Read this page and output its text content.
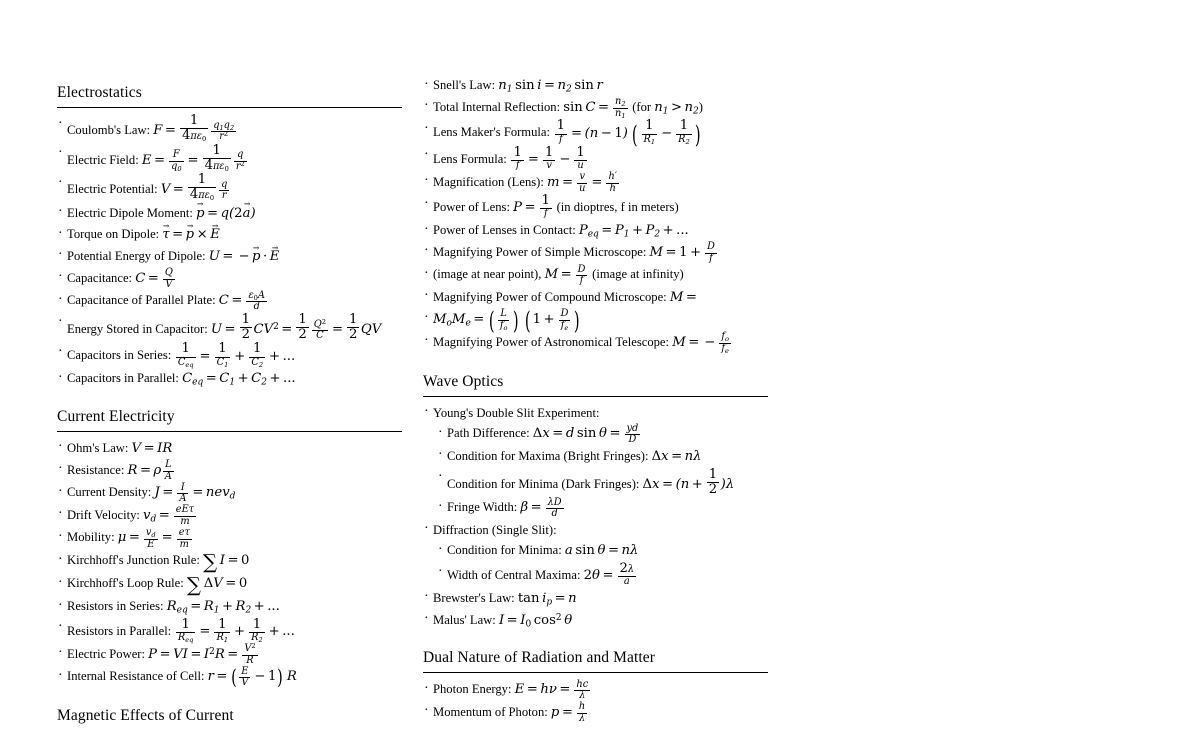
Electrostatics
· Coulomb's Law: $F = \frac{1}{4\pi\varepsilon_0} \frac{q_1q_2}{r^2}$
· Electric Field: $E = \frac{F}{q_0} = \frac{1}{4\pi\varepsilon_0} \frac{q}{r^2}$
· Electric Potential: $V = \frac{1}{4\pi\varepsilon_0} \frac{q}{r}$
· Electric Dipole Moment: p → = q(2a →)
· Torque on Dipole: τ → = p → × E →
· Potential Energy of Dipole: U = − p → · E →
· Capacitance: $C = \frac{Q}{V}$
· Capacitance of Parallel Plate: $C = \frac{\varepsilon_0A}{d}$
· Energy Stored in Capacitor: $U = \frac{1}{2} CV^2 = \frac{1}{2} \frac{Q^2}{C} = \frac{1}{2}$ QV
· Capacitors in Series: $\frac{1}{C_{eq}} = \frac{1}{C_1} + \frac{1}{C_2}$ + ...
· Capacitors in Parallel: $C_{eq} = C_1 + C_2$ + ...
Current Electricity
· Ohm's Law: V = IR
· Resistance: R = ρ $\frac{L}{A}$
· Current Density: $J = \frac{I}{A} = nev_d$
· Drift Velocity: $v_d = \frac{\text{eEτ}}{m}$
· Mobility: $\mu = \frac{v_d}{E} = \frac{e\tau}{m}$
· Kirchhoff's Junction Rule: ∑ I = 0
· Kirchhoff's Loop Rule: ∑  ΔV = 0
· Resistors in Series: $R_{eq} = R_1 + R_2$ + ...
· Resistors in Parallel: $\frac{1}{R_{eq}} = \frac{1}{R_1} + \frac{1}{R_2}$ + ...
· Electric Power: P = VI = $I^2R = \frac{V^2}{R}$
· Internal Resistance of Cell: r = ( $\frac{E}{V} - 1$) R
Magnetic Effects of Current
· Snell's Law: $n_1$  $\sin i = n_2$  sin r
· Total Internal Reflection: $\sin C = \frac{n_2}{n_1} (for$ $n_1 > n_2$)
· Lens Maker's Formula: $\frac{1}{f} = (n - 1)$ ( $\frac{1}{R_1} - \frac{1}{R_2}$ )
· Lens Formula: $\frac{1}{f} = \frac{1}{v} - \frac{1}{u}$
· Magnification (Lens): $m = \frac{v}{u} = \frac{h'}{h}$
· Power of Lens: $P = \frac{1}{f} (in$ dioptres, f in meters)
· Power of Lenses in Contact: $P_{eq} = P_1 + P_2$ + ...
· Magnifying Power of Simple Microscope: $M = 1 + \frac{D}{f}$
· (image at near point), $M = \frac{D}{f}$ (image at infinity)
· Magnifying Power of Compound Microscope: M =
· $M_oM_e$ = ( $\frac{L}{f_o}$ )  ( $1 + \frac{D}{f_e}$ )
· Magnifying Power of Astronomical Telescope: M = − $\frac{f_o}{f_e}$
Wave Optics
· Young's Double Slit Experiment:
· Path Difference: Δx = d $\sin \theta = \frac{yd}{D}$
· Condition for Maxima (Bright Fringes): Δx = nλ
· Condition for Minima (Dark Fringes): $\Delta x = (n + \frac{1}{2} )\lambda$
· Fringe Width: $\beta = \frac{\lambda D}{d}$
· Diffraction (Single Slit):
· Condition for Minima: a sin θ = nλ
· Width of Central Maxima: $2\theta = \frac{2\lambda}{a}$
· Brewster's Law: $\tan i_p = n$
· Malus' Law: $I = I_0$  $\cos^2 \theta$
Dual Nature of Radiation and Matter
· Photon Energy: $E = h\nu = \frac{hc}{\lambda}$
· Momentum of Photon: $p = \frac{h}{\lambda}$
